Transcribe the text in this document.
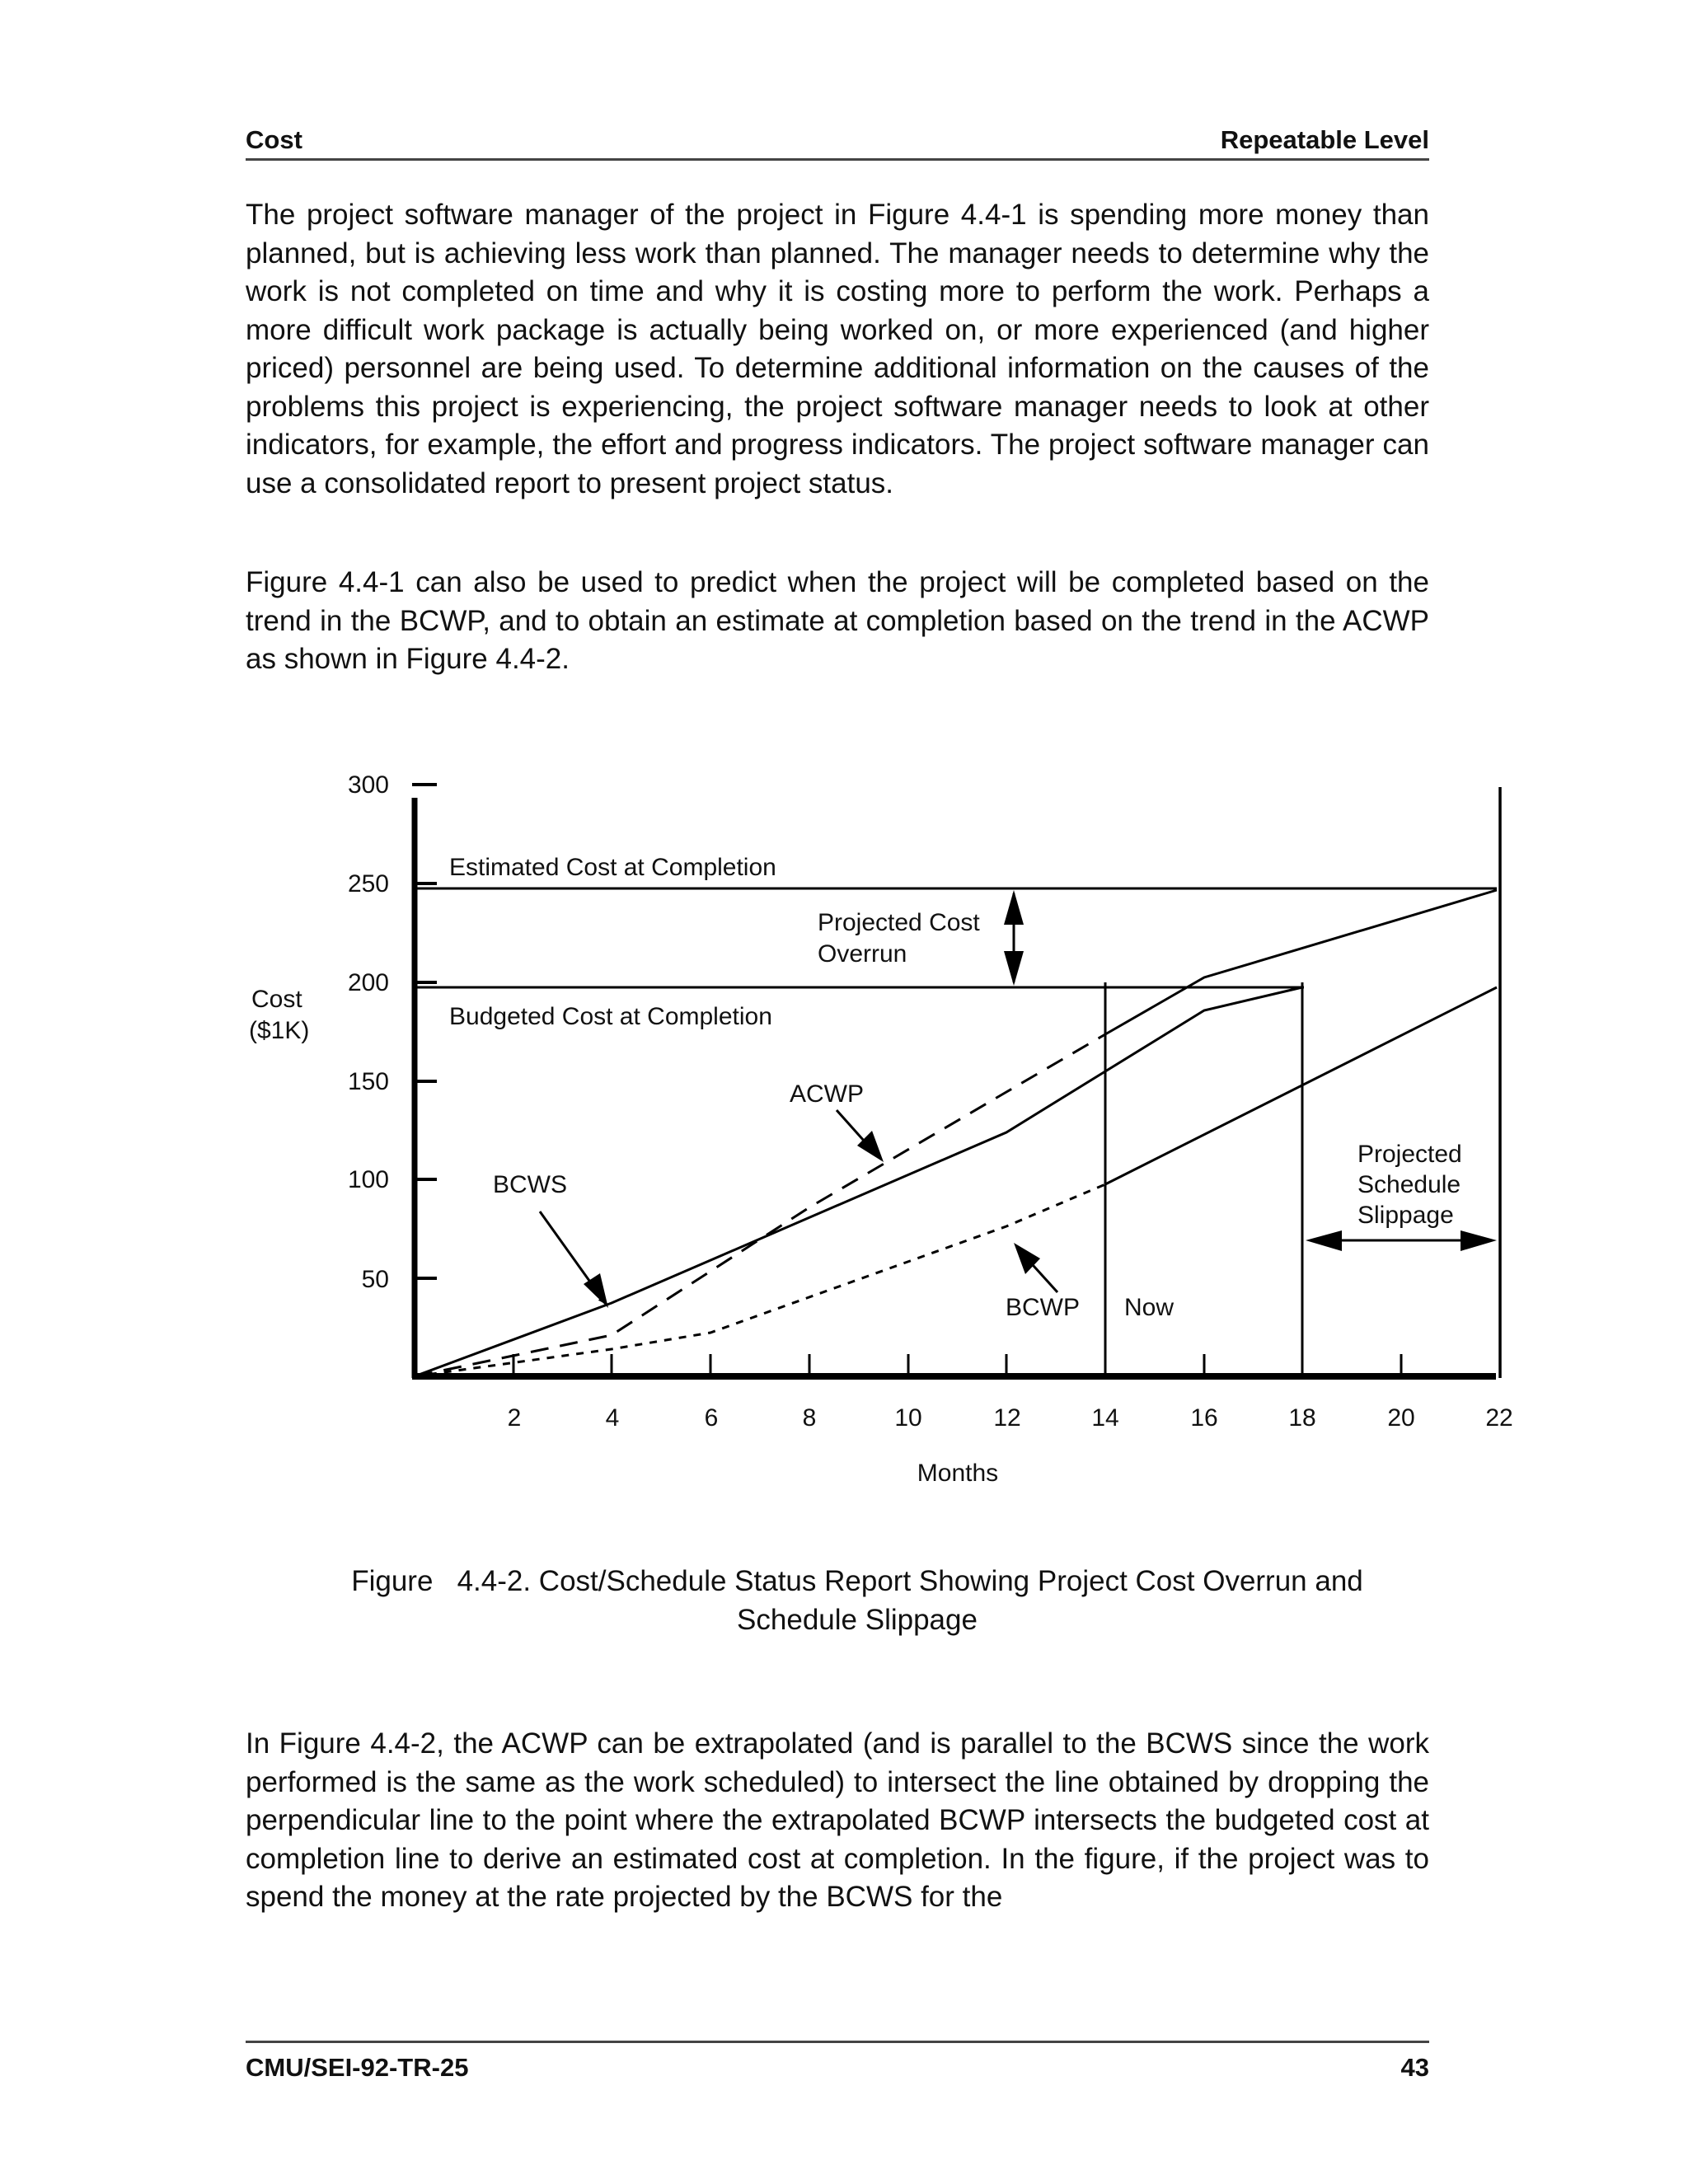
Cost	Repeatable Level

The project software manager of the project in Figure 4.4-1 is spending more money than planned, but is achieving less work than planned. The manager needs to determine why the work is not completed on time and why it is costing more to perform the work. Perhaps a more difficult work package is actually being worked on, or more experienced (and higher priced) personnel are being used. To determine additional information on the causes of the problems this project is experiencing, the project software manager needs to look at other indicators, for example, the effort and progress indicators. The project software manager can use a consolidated report to present project status.

Figure 4.4-1 can also be used to predict when the project will be completed based on the trend in the BCWP, and to obtain an estimate at completion based on the trend in the ACWP as shown in Figure 4.4-2.

50
100
150
200
250
300
Cost
($1K)
2	4	6	8	10	12	14	16	18	20	22
Months
Estimated Cost at Completion
Budgeted Cost at Completion
Projected Cost
Overrun
ACWP
BCWS
BCWP Now
Projected
Schedule
Slippage
Figure   4.4-2. Cost/Schedule Status Report Showing Project Cost Overrun and
Schedule Slippage

In Figure 4.4-2, the ACWP can be extrapolated (and is parallel to the BCWS since the work performed is the same as the work scheduled) to intersect the line obtained by dropping the perpendicular line to the point where the extrapolated BCWP intersects the budgeted cost at completion line to derive an estimated cost at completion. In the figure, if the project was to spend the money at the rate projected by the BCWS for the

CMU/SEI-92-TR-25	43
